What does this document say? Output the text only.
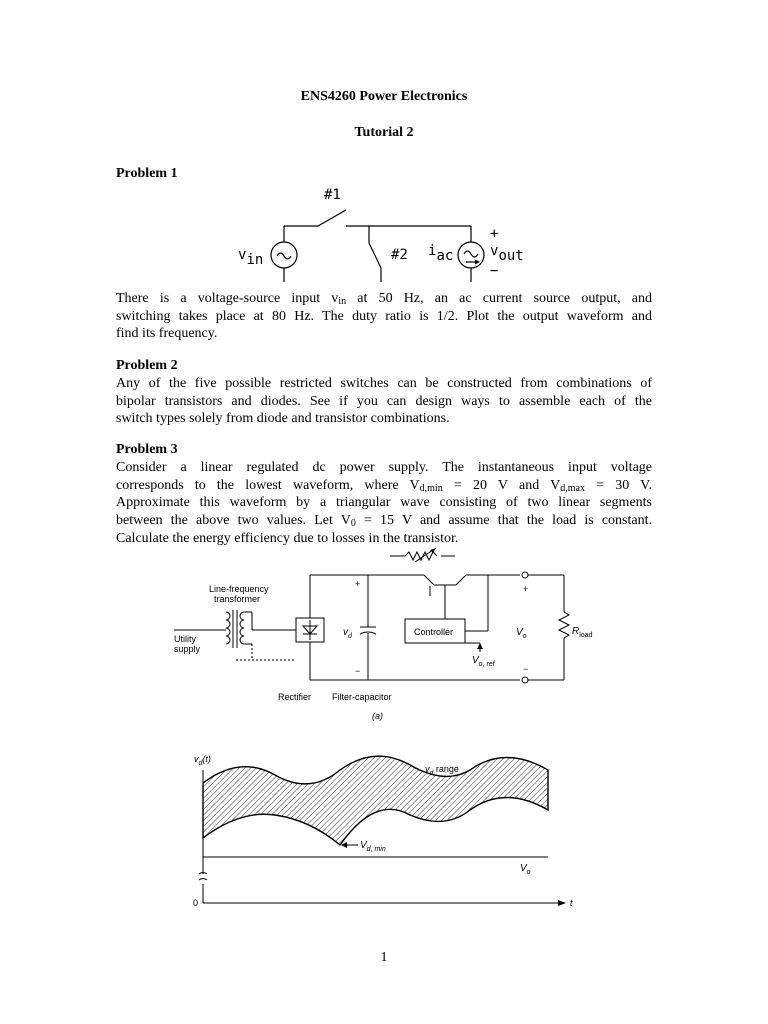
ENS4260 Power Electronics
Tutorial 2
Problem 1
#1
#2
vin
iac	vout
+
−
There is a voltage-source input $v_{in}$ at 50 Hz, an ac current source output, and
switching takes place at 80 Hz. The duty ratio is 1/2. Plot the output waveform and
find its frequency.
Problem 2
Any of the five possible restricted switches can be constructed from combinations of
bipolar transistors and diodes. See if you can design ways to assemble each of the
switch types solely from diode and transistor combinations.
Problem 3
Consider a linear regulated dc power supply. The instantaneous input voltage
corresponds to the lowest waveform, where $V_{d,min} = 20$ V and $V_{d,max} = 30$ V.
Approximate this waveform by a triangular wave consisting of two linear segments
between the above two values. Let $V_0 = 15$ V and assume that the load is constant.
Calculate the energy efficiency due to losses in the transistor.
Line-frequency
transformer
Utility
supply
+
−
$v_d$	Controller	$V_o$
$V_{o, ref}$
$R_{load}$
+
−
Rectifier Filter-capacitor
(a)
$v_d(t)$
$v_d$ range
$V_{d, min}$
$V_o$
0	t
1
